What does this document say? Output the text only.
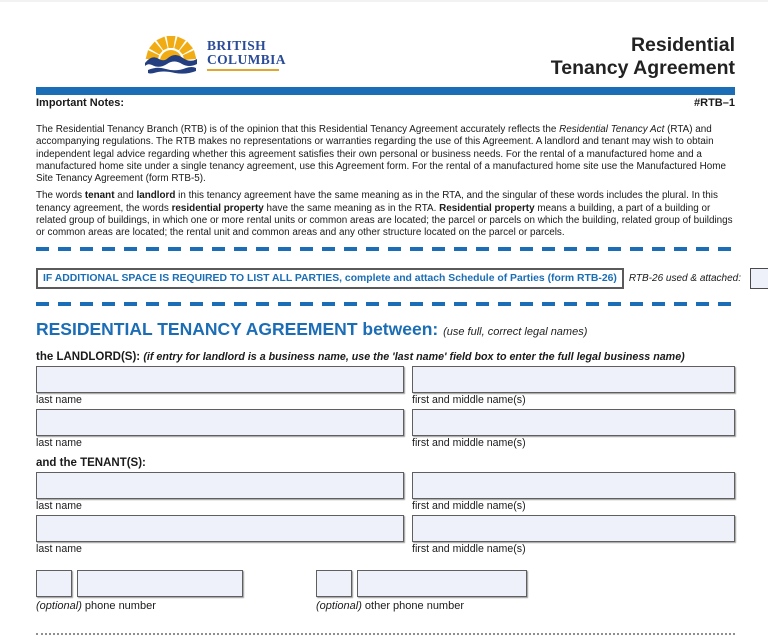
BRITISH
COLUMBIA
Residential
Tenancy Agreement
Important Notes:	#RTB–1
The Residential Tenancy Branch (RTB) is of the opinion that this Residential Tenancy Agreement accurately reflects the Residential Tenancy Act (RTA) and accompanying regulations. The RTB makes no representations or warranties regarding the use of this Agreement. A landlord and tenant may wish to obtain independent legal advice regarding whether this agreement satisfies their own personal or business needs. For the rental of a manufactured home and a manufactured home site under a single tenancy agreement, use this Agreement form. For the rental of a manufactured home site use the Manufactured Home Site Tenancy Agreement (form RTB-5).
The words tenant and landlord in this tenancy agreement have the same meaning as in the RTA, and the singular of these words includes the plural. In this tenancy agreement, the words residential property have the same meaning as in the RTA. Residential property means a building, a part of a building or related group of buildings, in which one or more rental units or common areas are located; the parcel or parcels on which the building, related group of buildings or common areas are located; the rental unit and common areas and any other structure located on the parcel or parcels.
IF ADDITIONAL SPACE IS REQUIRED TO LIST ALL PARTIES, complete and attach Schedule of Parties (form RTB-26)	RTB-26 used & attached:
RESIDENTIAL TENANCY AGREEMENT between: (use full, correct legal names)
the LANDLORD(S): (if entry for landlord is a business name, use the 'last name' field box to enter the full legal business name)
last name	first and middle name(s)
last name	first and middle name(s)
and the TENANT(S):
last name	first and middle name(s)
last name	first and middle name(s)
(optional) phone number	(optional) other phone number
